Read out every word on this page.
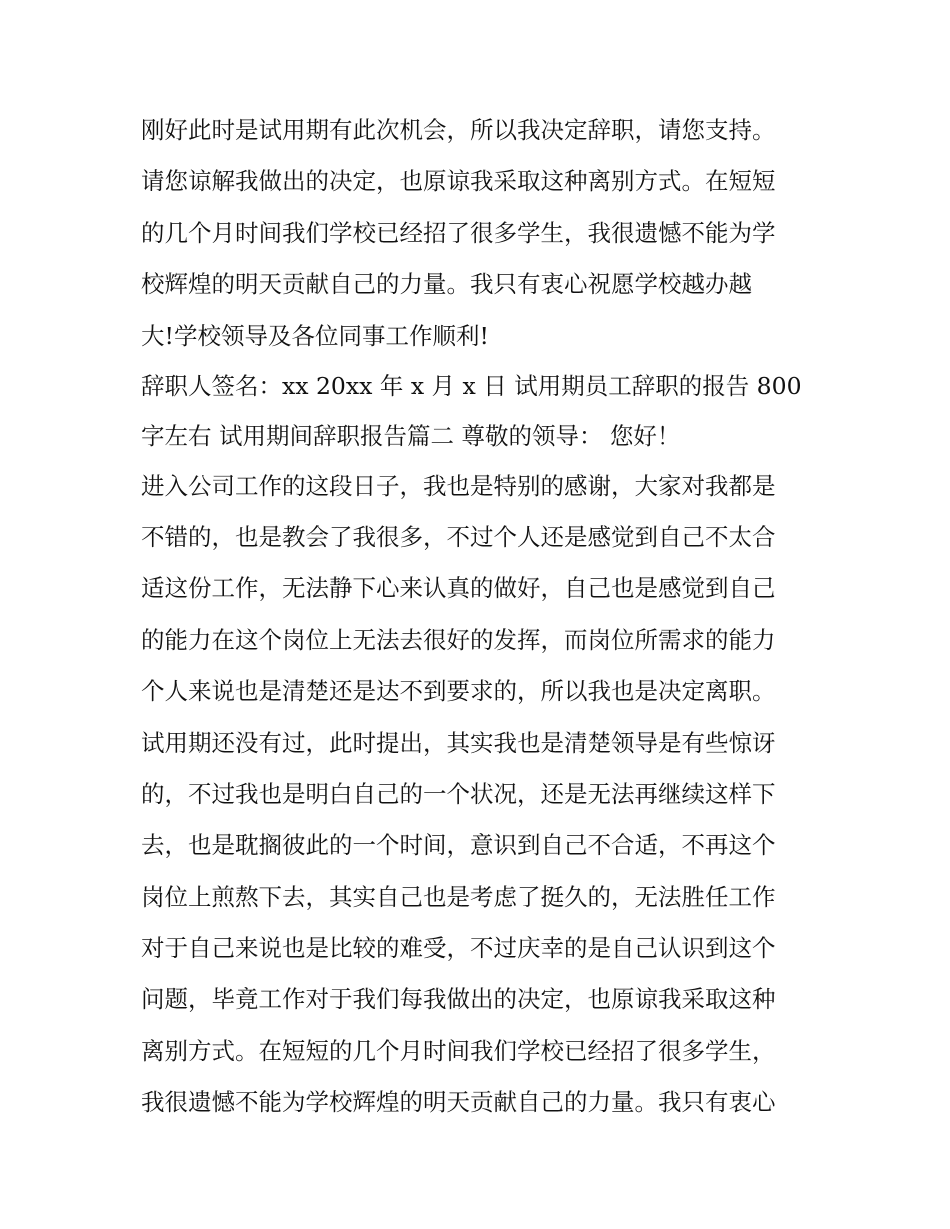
刚好此时是试用期有此次机会，所以我决定辞职，请您支持。
请您谅解我做出的决定，也原谅我采取这种离别方式。在短短
的几个月时间我们学校已经招了很多学生，我很遗憾不能为学
校辉煌的明天贡献自己的力量。我只有衷心祝愿学校越办越
大!学校领导及各位同事工作顺利!
辞职人签名：xx 20xx 年 x 月 x 日 试用期员工辞职的报告 800
字左右 试用期间辞职报告篇二 尊敬的领导： 您好！
进入公司工作的这段日子，我也是特别的感谢，大家对我都是
不错的，也是教会了我很多，不过个人还是感觉到自己不太合
适这份工作，无法静下心来认真的做好，自己也是感觉到自己
的能力在这个岗位上无法去很好的发挥，而岗位所需求的能力
个人来说也是清楚还是达不到要求的，所以我也是决定离职。
试用期还没有过，此时提出，其实我也是清楚领导是有些惊讶
的，不过我也是明白自己的一个状况，还是无法再继续这样下
去，也是耽搁彼此的一个时间，意识到自己不合适，不再这个
岗位上煎熬下去，其实自己也是考虑了挺久的，无法胜任工作
对于自己来说也是比较的难受，不过庆幸的是自己认识到这个
问题，毕竟工作对于我们每我做出的决定，也原谅我采取这种
离别方式。在短短的几个月时间我们学校已经招了很多学生，
我很遗憾不能为学校辉煌的明天贡献自己的力量。我只有衷心
